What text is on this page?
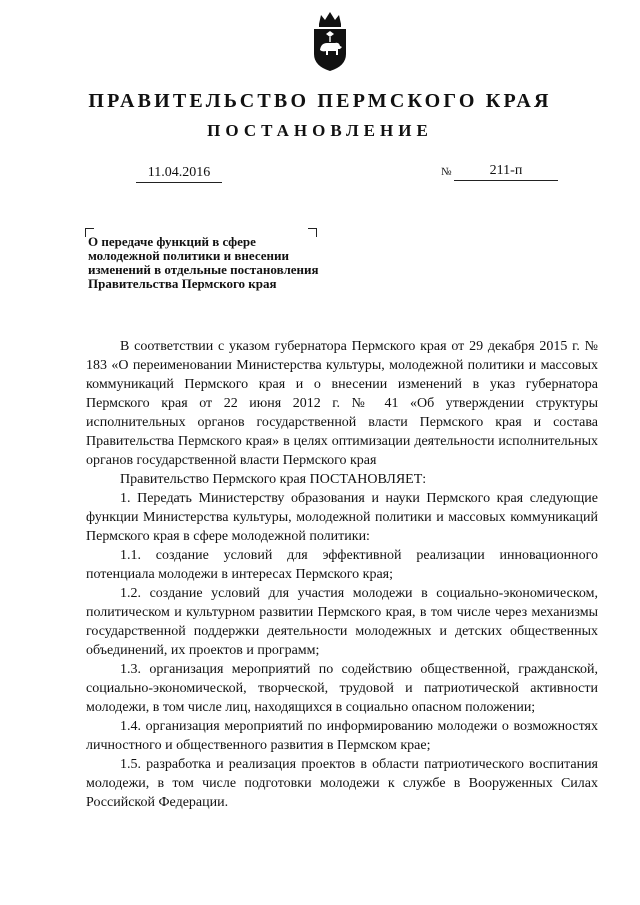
ПРАВИТЕЛЬСТВО ПЕРМСКОГО КРАЯ
ПОСТАНОВЛЕНИЕ
11.04.2016	№	211-п
О передаче функций в сфере молодежной политики и внесении изменений в отдельные постановления Правительства Пермского края

В соответствии с указом губернатора Пермского края от 29 декабря 2015 г. № 183 «О переименовании Министерства культуры, молодежной политики и массовых коммуникаций Пермского края и о внесении изменений в указ губернатора Пермского края от 22 июня 2012 г. № 41 «Об утверждении структуры исполнительных органов государственной власти Пермского края и состава Правительства Пермского края» в целях оптимизации деятельности исполнительных органов государственной власти Пермского края

Правительство Пермского края ПОСТАНОВЛЯЕТ:

1. Передать Министерству образования и науки Пермского края следующие функции Министерства культуры, молодежной политики и массовых коммуникаций Пермского края в сфере молодежной политики:

1.1. создание условий для эффективной реализации инновационного потенциала молодежи в интересах Пермского края;

1.2. создание условий для участия молодежи в социально-экономическом, политическом и культурном развитии Пермского края, в том числе через механизмы государственной поддержки деятельности молодежных и детских общественных объединений, их проектов и программ;

1.3. организация мероприятий по содействию общественной, гражданской, социально-экономической, творческой, трудовой и патриотической активности молодежи, в том числе лиц, находящихся в социально опасном положении;

1.4. организация мероприятий по информированию молодежи о возможностях личностного и общественного развития в Пермском крае;

1.5. разработка и реализация проектов в области патриотического воспитания молодежи, в том числе подготовки молодежи к службе в Вооруженных Силах Российской Федерации.
